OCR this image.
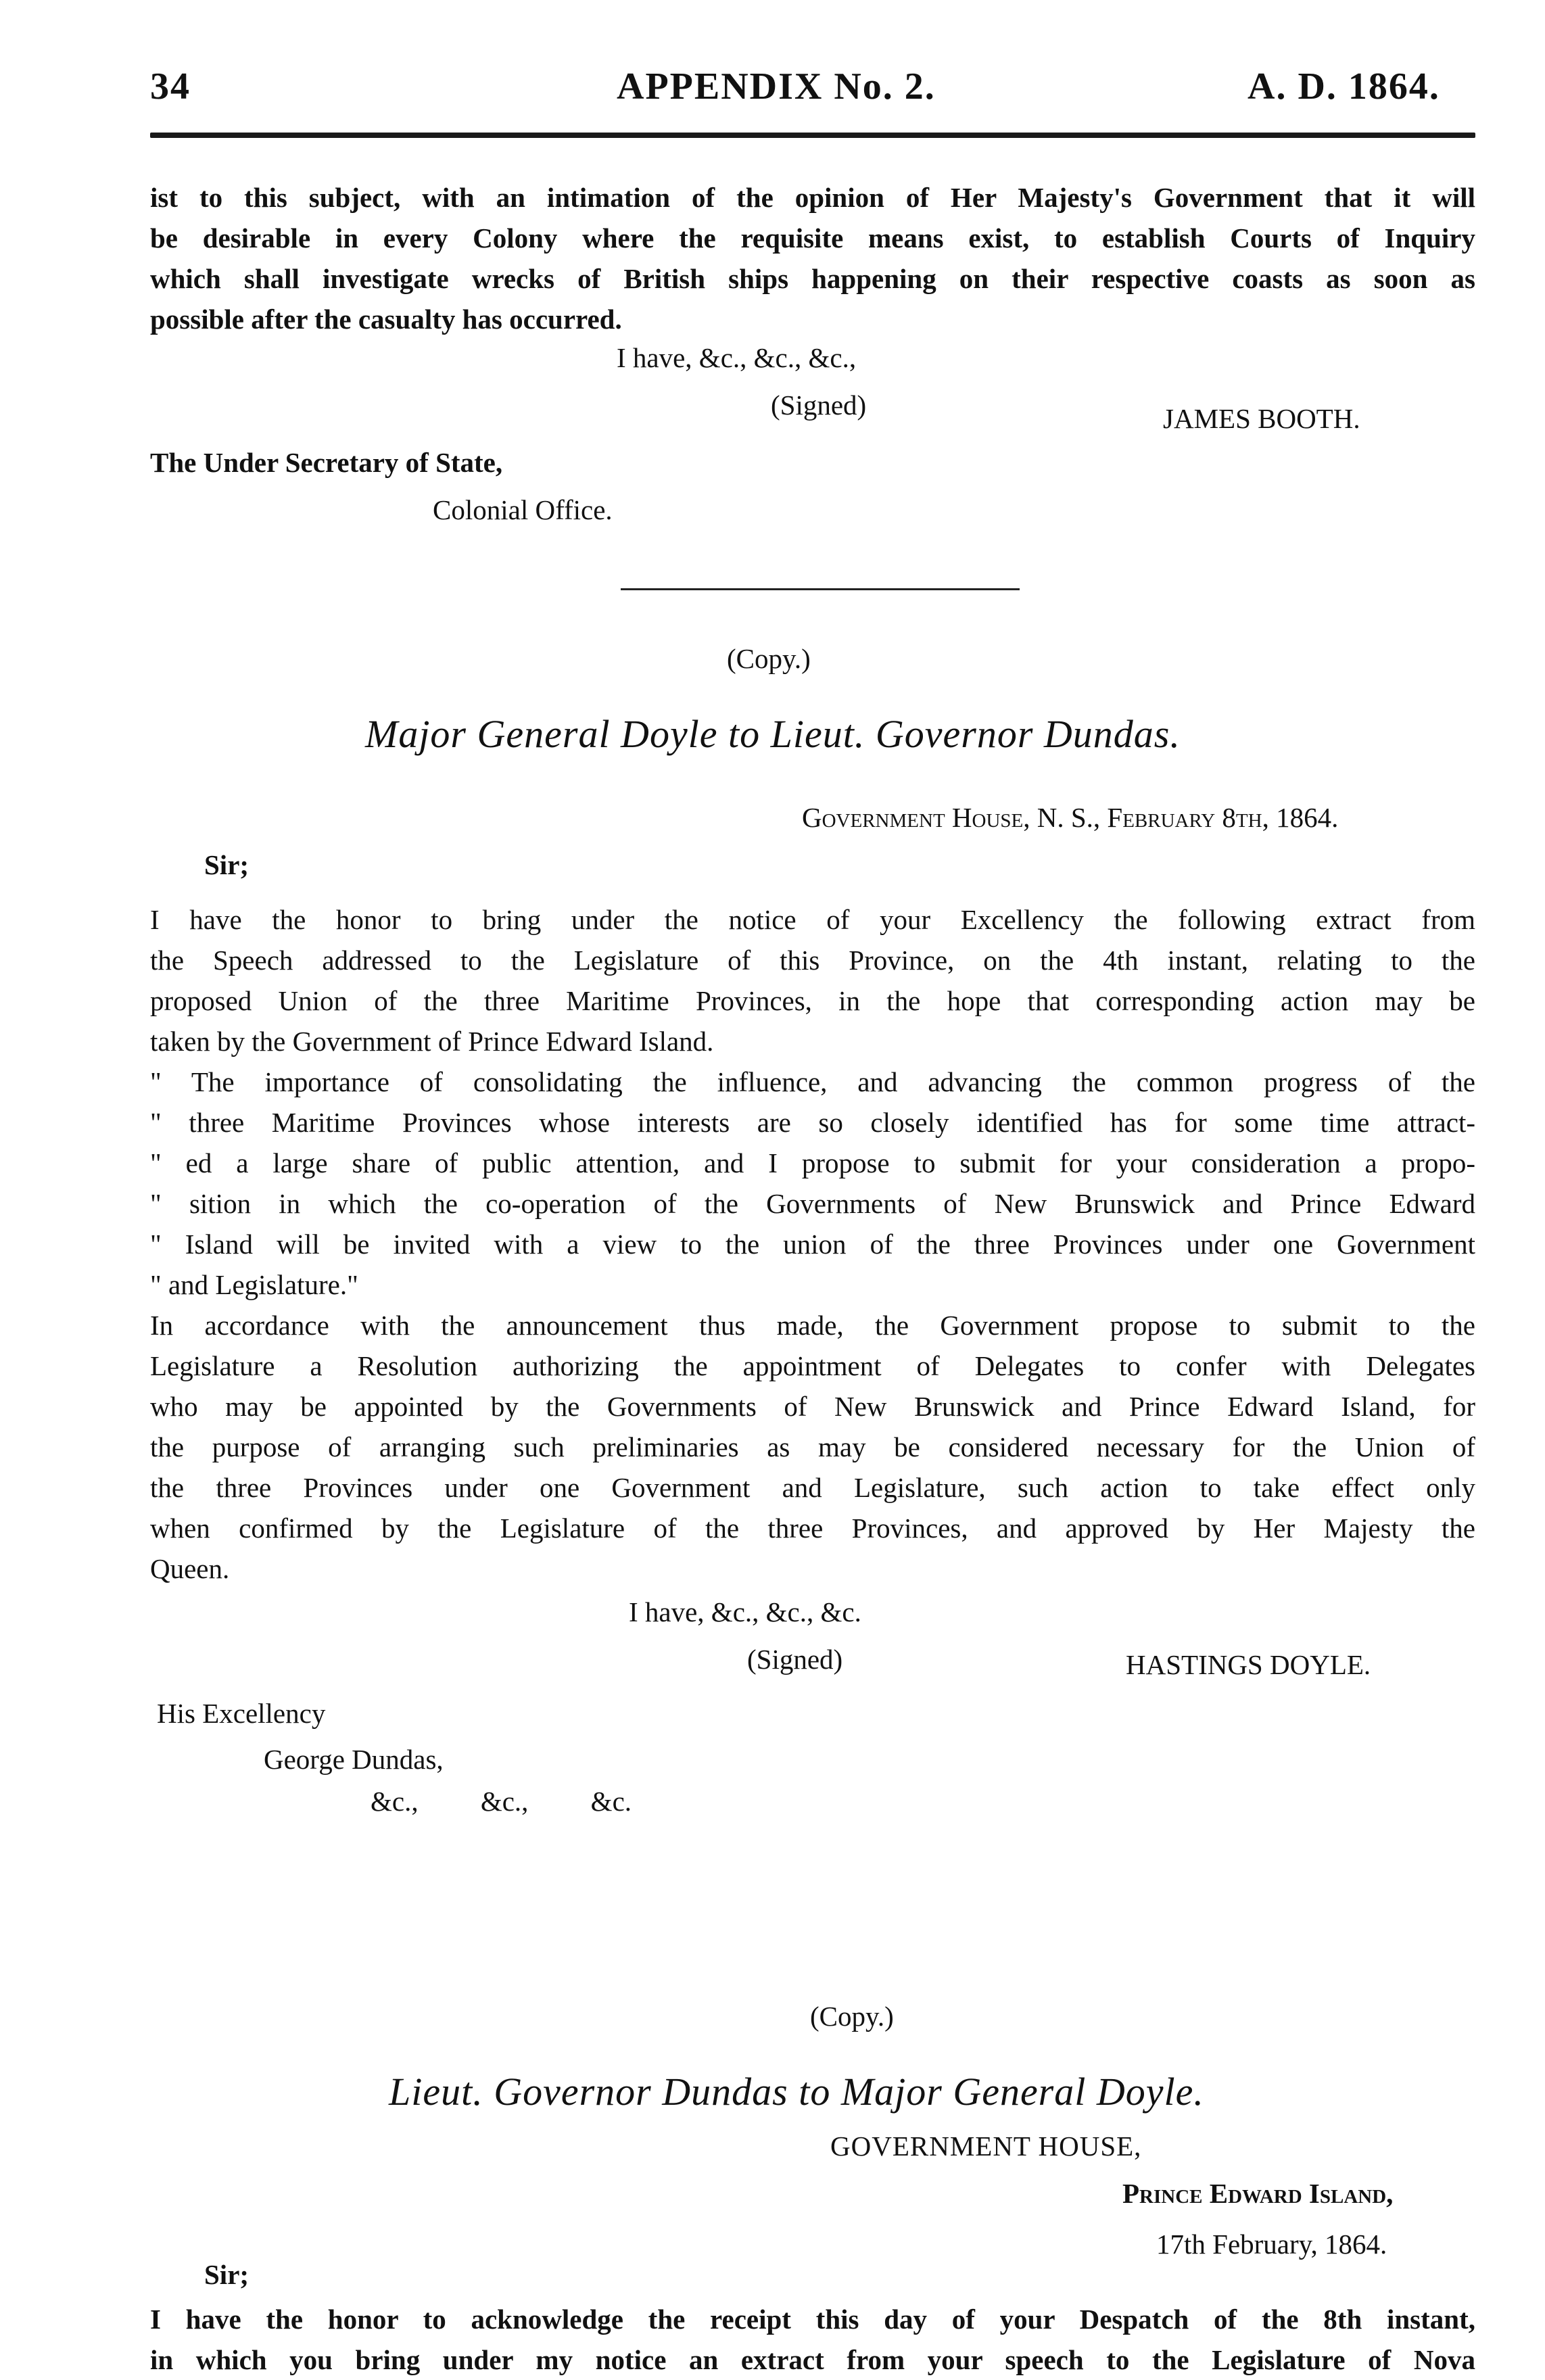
34	APPENDIX No. 2.	A. D. 1864.
ist to this subject, with an intimation of the opinion of Her Majesty's Government that it will
be desirable in every Colony where the requisite means exist, to establish Courts of Inquiry
which shall investigate wrecks of British ships happening on their respective coasts as soon as
possible after the casualty has occurred.
I have, &c., &c., &c.,
(Signed)	JAMES BOOTH.
The Under Secretary of State,
Colonial Office.
(Copy.)
Major General Doyle to Lieut. Governor Dundas.
Government House, N. S., February 8th, 1864.
Sir;
I have the honor to bring under the notice of your Excellency the following extract from
the Speech addressed to the Legislature of this Province, on the 4th instant, relating to the
proposed Union of the three Maritime Provinces, in the hope that corresponding action may be
taken by the Government of Prince Edward Island.
" The importance of consolidating the influence, and advancing the common progress of the
" three Maritime Provinces whose interests are so closely identified has for some time attract-
" ed a large share of public attention, and I propose to submit for your consideration a propo-
" sition in which the co-operation of the Governments of New Brunswick and Prince Edward
" Island will be invited with a view to the union of the three Provinces under one Government
" and Legislature."
In accordance with the announcement thus made, the Government propose to submit to the
Legislature a Resolution authorizing the appointment of Delegates to confer with Delegates
who may be appointed by the Governments of New Brunswick and Prince Edward Island, for
the purpose of arranging such preliminaries as may be considered necessary for the Union of
the three Provinces under one Government and Legislature, such action to take effect only
when confirmed by the Legislature of the three Provinces, and approved by Her Majesty the
Queen.
I have, &c., &c., &c.
(Signed)	HASTINGS DOYLE.
His Excellency
George Dundas,
&c.,         &c.,         &c.
(Copy.)
Lieut. Governor Dundas to Major General Doyle.
GOVERNMENT HOUSE,
Prince Edward Island,
17th February, 1864.
Sir;
I have the honor to acknowledge the receipt this day of your Despatch of the 8th instant,
in which you bring under my notice an extract from your speech to the Legislature of Nova
